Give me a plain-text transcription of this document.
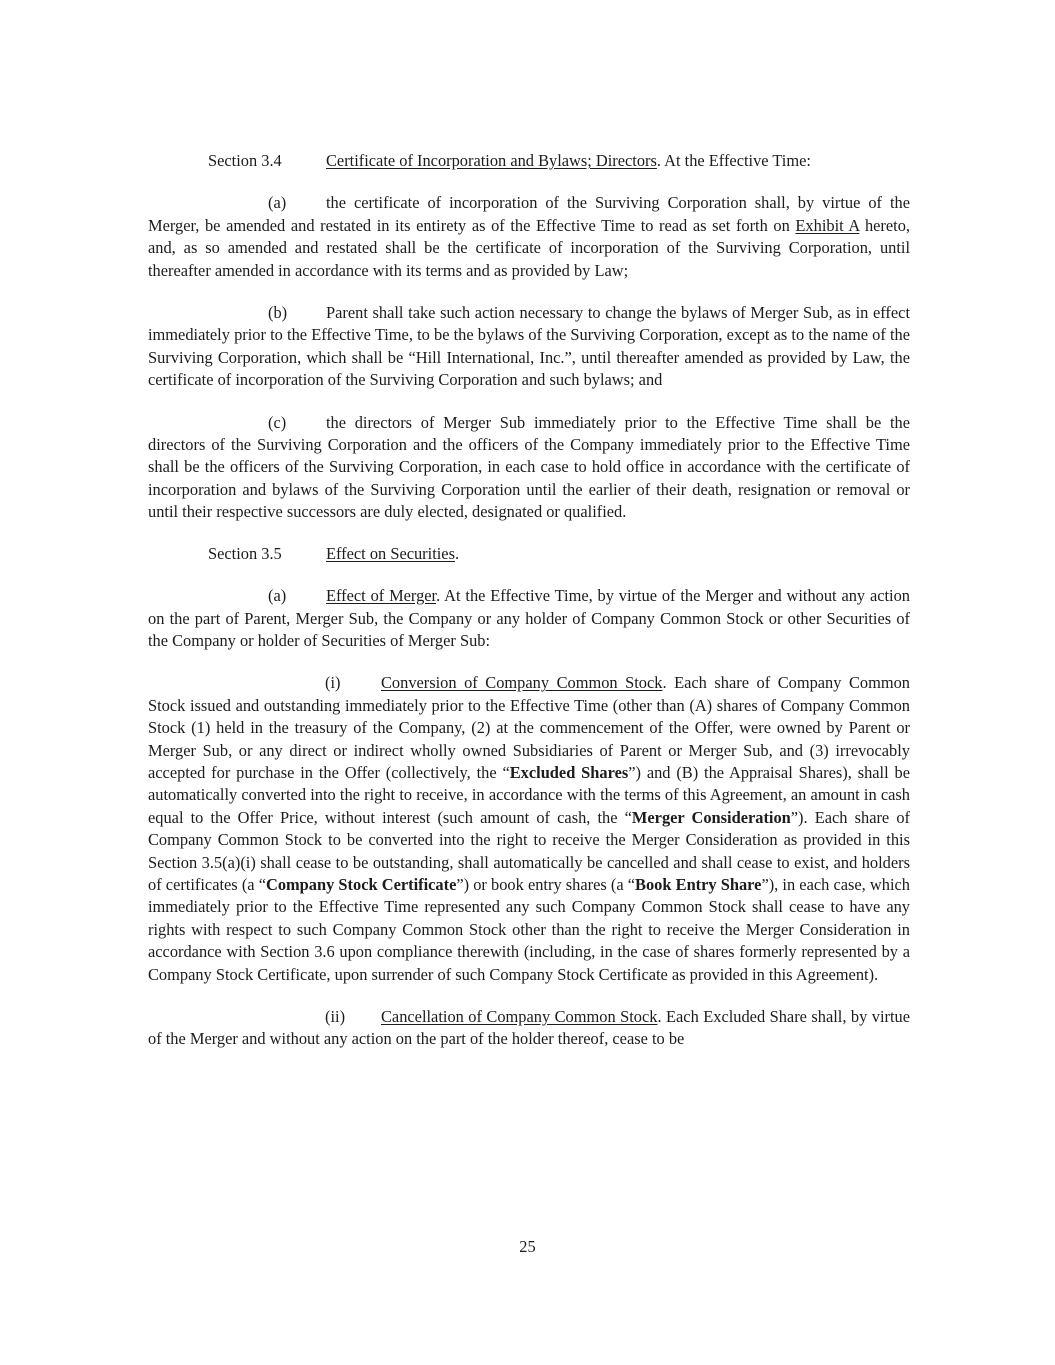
Section 3.4	Certificate of Incorporation and Bylaws; Directors. At the Effective Time:

(a) the certificate of incorporation of the Surviving Corporation shall, by virtue of the Merger, be amended and restated in its entirety as of the Effective Time to read as set forth on Exhibit A hereto, and, as so amended and restated shall be the certificate of incorporation of the Surviving Corporation, until thereafter amended in accordance with its terms and as provided by Law;

(b) Parent shall take such action necessary to change the bylaws of Merger Sub, as in effect immediately prior to the Effective Time, to be the bylaws of the Surviving Corporation, except as to the name of the Surviving Corporation, which shall be “Hill International, Inc.”, until thereafter amended as provided by Law, the certificate of incorporation of the Surviving Corporation and such bylaws; and

(c) the directors of Merger Sub immediately prior to the Effective Time shall be the directors of the Surviving Corporation and the officers of the Company immediately prior to the Effective Time shall be the officers of the Surviving Corporation, in each case to hold office in accordance with the certificate of incorporation and bylaws of the Surviving Corporation until the earlier of their death, resignation or removal or until their respective successors are duly elected, designated or qualified.

Section 3.5	Effect on Securities.

(a) Effect of Merger. At the Effective Time, by virtue of the Merger and without any action on the part of Parent, Merger Sub, the Company or any holder of Company Common Stock or other Securities of the Company or holder of Securities of Merger Sub:

(i) Conversion of Company Common Stock. Each share of Company Common Stock issued and outstanding immediately prior to the Effective Time (other than (A) shares of Company Common Stock (1) held in the treasury of the Company, (2) at the commencement of the Offer, were owned by Parent or Merger Sub, or any direct or indirect wholly owned Subsidiaries of Parent or Merger Sub, and (3) irrevocably accepted for purchase in the Offer (collectively, the “Excluded Shares”) and (B) the Appraisal Shares), shall be automatically converted into the right to receive, in accordance with the terms of this Agreement, an amount in cash equal to the Offer Price, without interest (such amount of cash, the “Merger Consideration”). Each share of Company Common Stock to be converted into the right to receive the Merger Consideration as provided in this Section 3.5(a)(i) shall cease to be outstanding, shall automatically be cancelled and shall cease to exist, and holders of certificates (a “Company Stock Certificate”) or book entry shares (a “Book Entry Share”), in each case, which immediately prior to the Effective Time represented any such Company Common Stock shall cease to have any rights with respect to such Company Common Stock other than the right to receive the Merger Consideration in accordance with Section 3.6 upon compliance therewith (including, in the case of shares formerly represented by a Company Stock Certificate, upon surrender of such Company Stock Certificate as provided in this Agreement).

(ii) Cancellation of Company Common Stock. Each Excluded Share shall, by virtue of the Merger and without any action on the part of the holder thereof, cease to be

25
